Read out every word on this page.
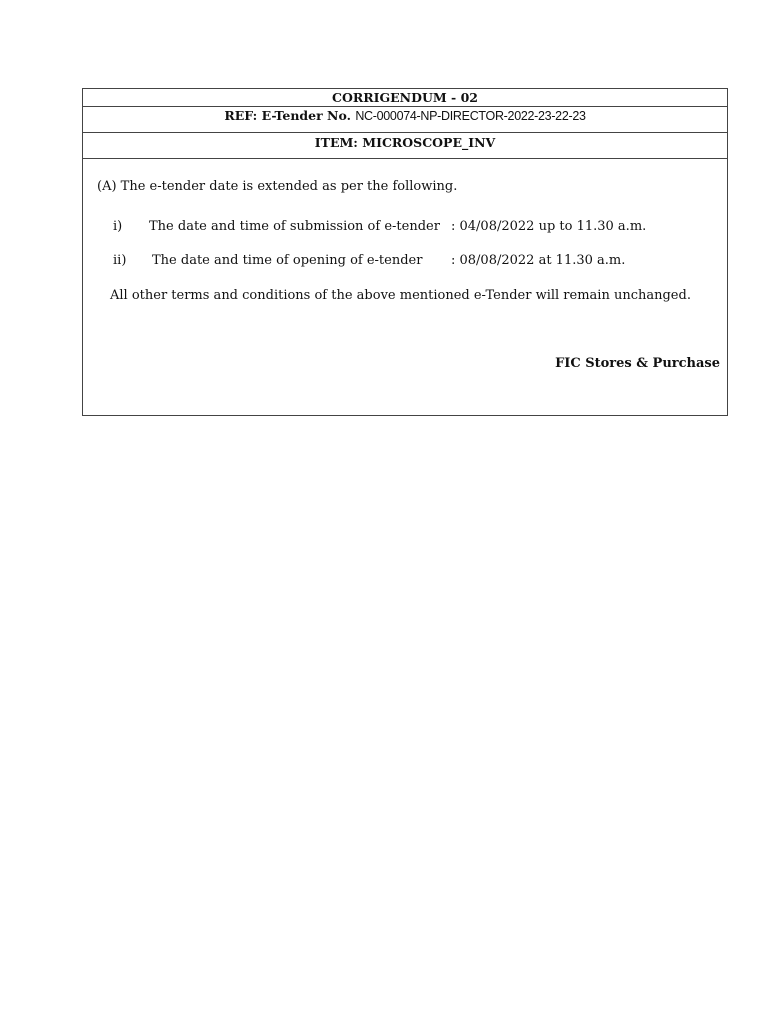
CORRIGENDUM - 02
REF: E-Tender No. NC-000074-NP-DIRECTOR-2022-23-22-23
ITEM: MICROSCOPE_INV
(A) The e-tender date is extended as per the following.
i) The date and time of submission of e-tender : 04/08/2022 up to 11.30 a.m.
ii) The date and time of opening of e-tender : 08/08/2022 at 11.30 a.m.
All other terms and conditions of the above mentioned e-Tender will remain unchanged.
FIC Stores & Purchase
